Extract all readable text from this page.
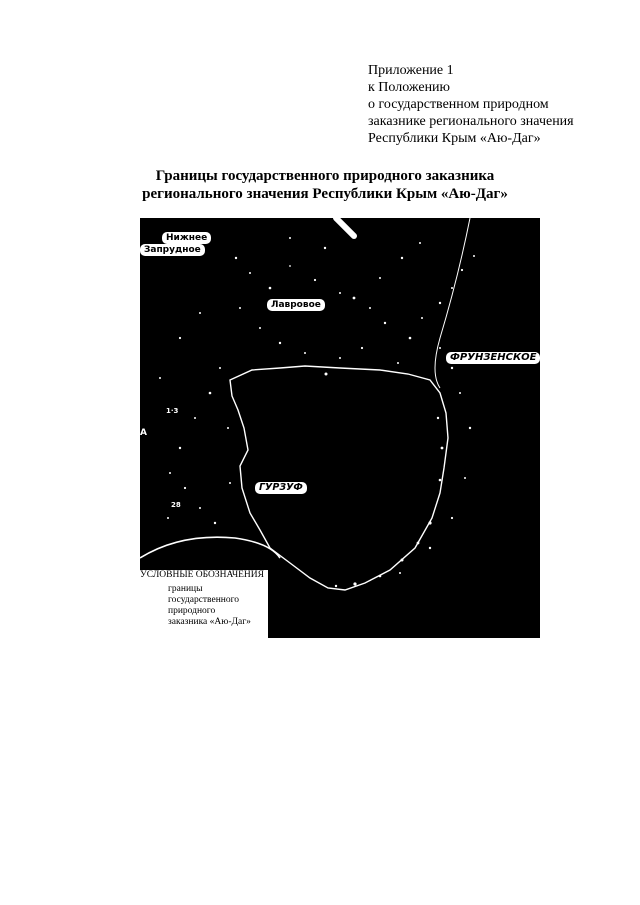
Приложение 1
к Положению
о государственном природном
заказнике регионального значения
Республики Крым «Аю-Даг»
Границы государственного природного заказника
регионального значения Республики Крым «Аю-Даг»
Нижнее
Запрудное
Лавровое
ФРУНЗЕНСКОЕ
ГУРЗУФ
1·3
А
28
УСЛОВНЫЕ ОБОЗНАЧЕНИЯ
границы
государственного
природного
заказника «Аю-Даг»
